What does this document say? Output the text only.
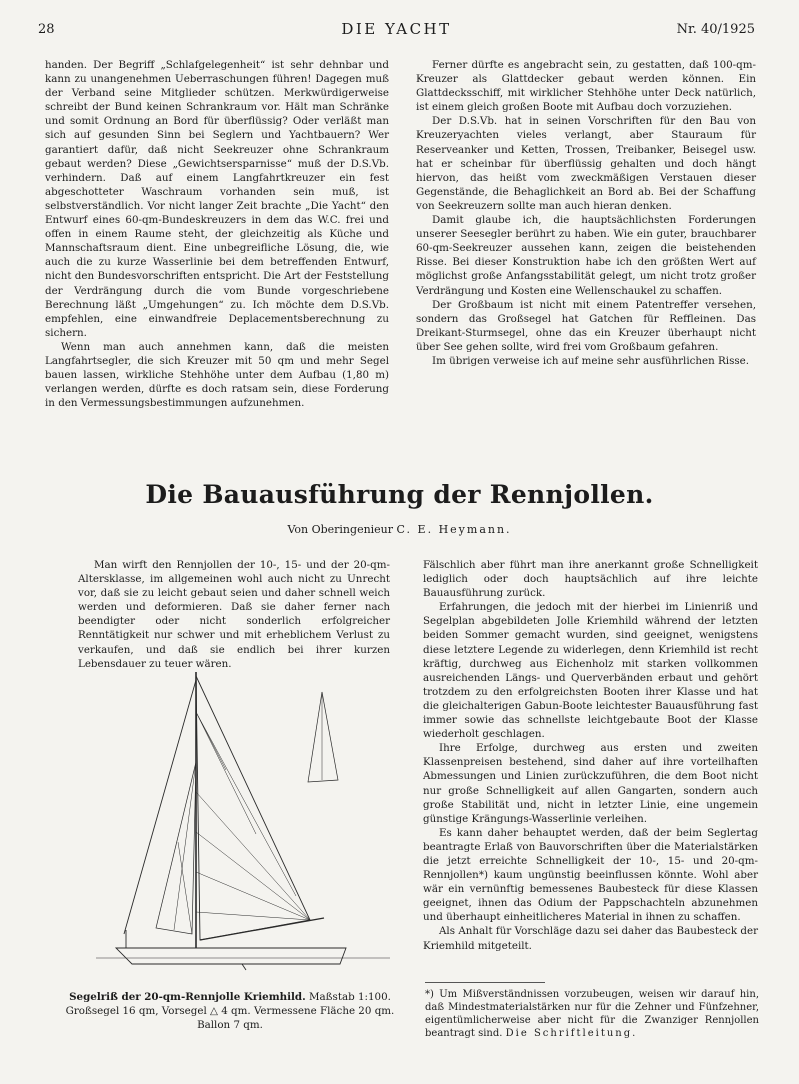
28	DIE YACHT	Nr. 40/1925

handen. Der Begriff „Schlafgelegenheit“ ist sehr dehnbar und kann zu unangenehmen Ueberraschungen führen! Dagegen muß der Verband seine Mitglieder schützen. Merkwürdigerweise schreibt der Bund keinen Schrankraum vor. Hält man Schränke und somit Ordnung an Bord für überflüssig? Oder verläßt man sich auf gesunden Sinn bei Seglern und Yachtbauern? Wer garantiert dafür, daß nicht Seekreuzer ohne Schrankraum gebaut werden? Diese „Gewichtsersparnisse“ muß der D.S.Vb. verhindern. Daß auf einem Langfahrtkreuzer ein fest abgeschotteter Waschraum vorhanden sein muß, ist selbstverständlich. Vor nicht langer Zeit brachte „Die Yacht“ den Entwurf eines 60-qm-Bundeskreuzers in dem das W.C. frei und offen in einem Raume steht, der gleichzeitig als Küche und Mannschaftsraum dient. Eine unbegreifliche Lösung, die, wie auch die zu kurze Wasserlinie bei dem betreffenden Entwurf, nicht den Bundesvorschriften entspricht. Die Art der Feststellung der Verdrängung durch die vom Bunde vorgeschriebene Berechnung läßt „Umgehungen“ zu. Ich möchte dem D.S.Vb. empfehlen, eine einwandfreie Deplacementsberechnung zu sichern.

Wenn man auch annehmen kann, daß die meisten Langfahrtsegler, die sich Kreuzer mit 50 qm und mehr Segel bauen lassen, wirkliche Stehhöhe unter dem Aufbau (1,80 m) verlangen werden, dürfte es doch ratsam sein, diese Forderung in den Vermessungsbestimmungen aufzunehmen.

Ferner dürfte es angebracht sein, zu gestatten, daß 100-qm-Kreuzer als Glattdecker gebaut werden können. Ein Glattdecksschiff, mit wirklicher Stehhöhe unter Deck natürlich, ist einem gleich großen Boote mit Aufbau doch vorzuziehen.

Der D.S.Vb. hat in seinen Vorschriften für den Bau von Kreuzeryachten vieles verlangt, aber Stauraum für Reserveanker und Ketten, Trossen, Treibanker, Beisegel usw. hat er scheinbar für überflüssig gehalten und doch hängt hiervon, das heißt vom zweckmäßigen Verstauen dieser Gegenstände, die Behaglichkeit an Bord ab. Bei der Schaffung von Seekreuzern sollte man auch hieran denken.

Damit glaube ich, die hauptsächlichsten Forderungen unserer Seesegler berührt zu haben. Wie ein guter, brauchbarer 60-qm-Seekreuzer aussehen kann, zeigen die beistehenden Risse. Bei dieser Konstruktion habe ich den größten Wert auf möglichst große Anfangsstabilität gelegt, um nicht trotz großer Verdrängung und Kosten eine Wellenschaukel zu schaffen.

Der Großbaum ist nicht mit einem Patentreffer versehen, sondern das Großsegel hat Gatchen für Reffleinen. Das Dreikant-Sturmsegel, ohne das ein Kreuzer überhaupt nicht über See gehen sollte, wird frei vom Großbaum gefahren.

Im übrigen verweise ich auf meine sehr ausführlichen Risse.

Die Bauausführung der Rennjollen.
Von Oberingenieur C. E. Heymann.

Man wirft den Rennjollen der 10-, 15- und der 20-qm-Altersklasse, im allgemeinen wohl auch nicht zu Unrecht vor, daß sie zu leicht gebaut seien und daher schnell weich werden und deformieren. Daß sie daher ferner nach beendigter oder nicht sonderlich erfolgreicher Renntätigkeit nur schwer und mit erheblichem Verlust zu verkaufen, und daß sie endlich bei ihrer kurzen Lebensdauer zu teuer wären.

Segelriß der 20-qm-Rennjolle Kriemhild. Maßstab 1:100. Großsegel 16 qm, Vorsegel △ 4 qm. Vermessene Fläche 20 qm. Ballon 7 qm.

Fälschlich aber führt man ihre anerkannt große Schnelligkeit lediglich oder doch hauptsächlich auf ihre leichte Bauausführung zurück.

Erfahrungen, die jedoch mit der hierbei im Linienriß und Segelplan abgebildeten Jolle Kriemhild während der letzten beiden Sommer gemacht wurden, sind geeignet, wenigstens diese letztere Legende zu widerlegen, denn Kriemhild ist recht kräftig, durchweg aus Eichenholz mit starken vollkommen ausreichenden Längs- und Querverbänden erbaut und gehört trotzdem zu den erfolgreichsten Booten ihrer Klasse und hat die gleichalterigen Gabun-Boote leichtester Bauausführung fast immer sowie das schnellste leichtgebaute Boot der Klasse wiederholt geschlagen.

Ihre Erfolge, durchweg aus ersten und zweiten Klassenpreisen bestehend, sind daher auf ihre vorteilhaften Abmessungen und Linien zurückzuführen, die dem Boot nicht nur große Schnelligkeit auf allen Gangarten, sondern auch große Stabilität und, nicht in letzter Linie, eine ungemein günstige Krängungs-Wasserlinie verleihen.

Es kann daher behauptet werden, daß der beim Seglertag beantragte Erlaß von Bauvorschriften über die Materialstärken die jetzt erreichte Schnelligkeit der 10-, 15- und 20-qm-Rennjollen*) kaum ungünstig beeinflussen könnte. Wohl aber wär ein vernünftig bemessenes Baubesteck für diese Klassen geeignet, ihnen das Odium der Pappschachteln abzunehmen und überhaupt einheitlicheres Material in ihnen zu schaffen.

Als Anhalt für Vorschläge dazu sei daher das Baubesteck der Kriemhild mitgeteilt.

*) Um Mißverständnissen vorzubeugen, weisen wir darauf hin, daß Mindestmaterialstärken nur für die Zehner und Fünfzehner, eigentümlicherweise aber nicht für die Zwanziger Rennjollen beantragt sind. Die Schriftleitung.
